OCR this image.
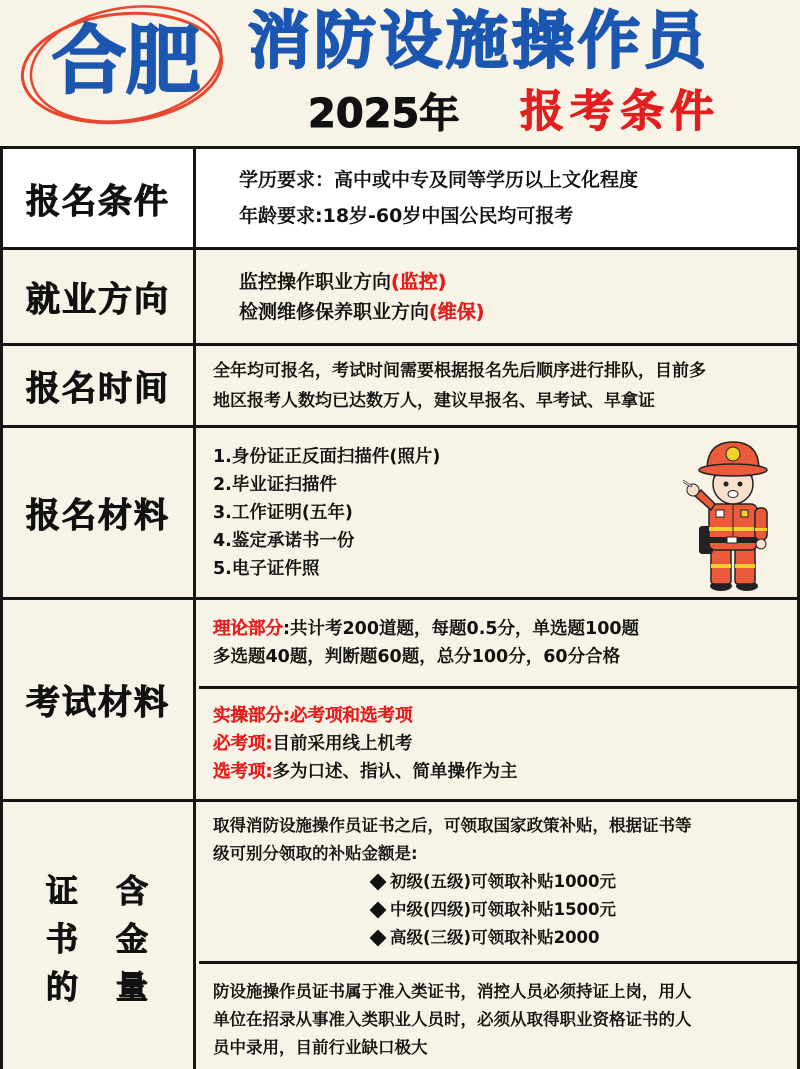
合肥 消防设施操作员
2025年 报考条件
报名条件
学历要求：高中或中专及同等学历以上文化程度
年龄要求:18岁-60岁中国公民均可报考
就业方向	监控操作职业方向(监控)
检测维修保养职业方向(维保)
报名时间	全年均可报名，考试时间需要根据报名先后顺序进行排队，目前多
地区报考人数均已达数万人，建议早报名、早考试、早拿证
报名材料
1.身份证正反面扫描件(照片)
2.毕业证扫描件
3.工作证明(五年)
4.鉴定承诺书一份
5.电子证件照
考试材料
理论部分:共计考200道题，每题0.5分，单选题100题
多选题40题，判断题60题，总分100分，60分合格
实操部分:必考项和选考项
必考项:目前采用线上机考
选考项:多为口述、指认、简单操作为主
证
书
的
含
金
量
取得消防设施操作员证书之后，可领取国家政策补贴，根据证书等
级可别分领取的补贴金额是:
初级(五级)可领取补贴1000元
中级(四级)可领取补贴1500元
高级(三级)可领取补贴2000
防设施操作员证书属于准入类证书，消控人员必须持证上岗，用人
单位在招录从事准入类职业人员时，必须从取得职业资格证书的人
员中录用，目前行业缺口极大
